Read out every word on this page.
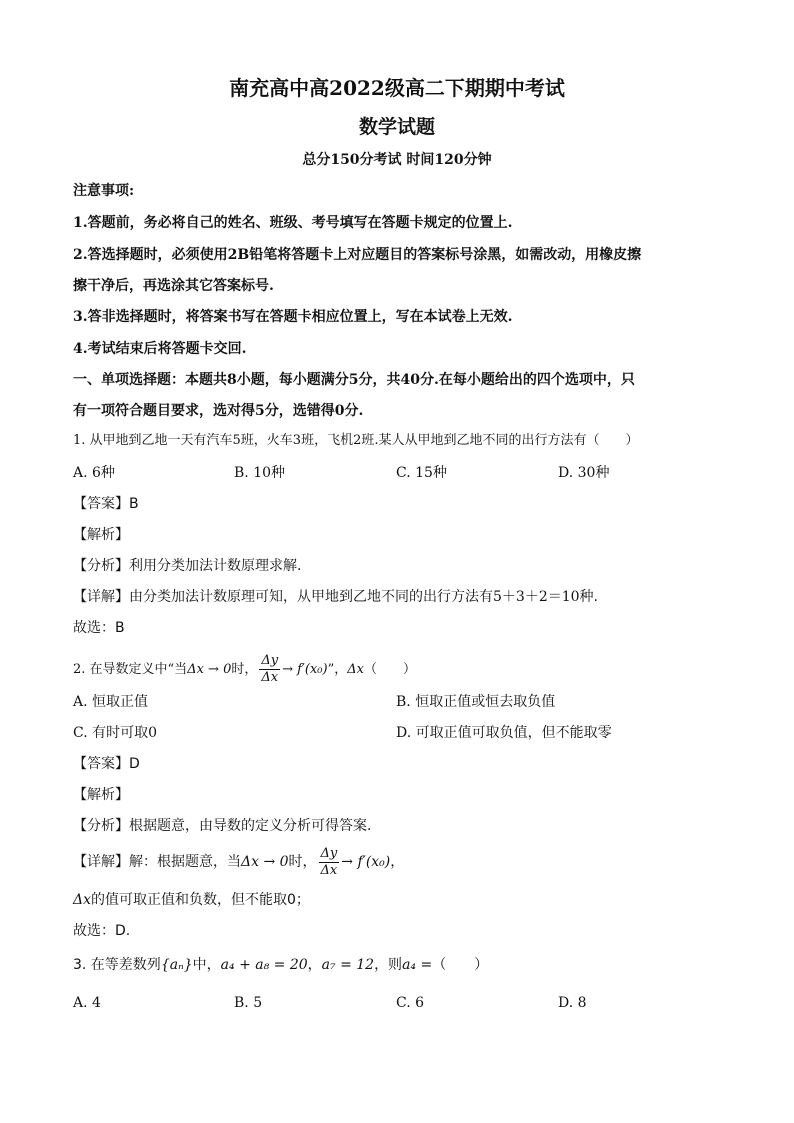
南充高中高2022级高二下期期中考试
数学试题
总分150分考试 时间120分钟
注意事项:
1.答题前，务必将自己的姓名、班级、考号填写在答题卡规定的位置上.
2.答选择题时，必须使用2B铅笔将答题卡上对应题目的答案标号涂黑，如需改动，用橡皮擦
擦干净后，再选涂其它答案标号.
3.答非选择题时，将答案书写在答题卡相应位置上，写在本试卷上无效.
4.考试结束后将答题卡交回.
一、单项选择题：本题共8小题，每小题满分5分，共40分.在每小题给出的四个选项中，只
有一项符合题目要求，选对得5分，选错得0分.
1. 从甲地到乙地一天有汽车5班，火车3班，飞机2班.某人从甲地到乙地不同的出行方法有（　　）
A. 6种	B. 10种	C. 15种	D. 30种
【答案】B
【解析】
【分析】利用分类加法计数原理求解.
【详解】由分类加法计数原理可知，从甲地到乙地不同的出行方法有5＋3＋2＝10种.
故选：B
2. 在导数定义中“当Δx → 0时， $\frac{\Delta y}{\Delta x} \to f'(x_0)$”，Δx（　　）
A. 恒取正值	B. 恒取正值或恒去取负值
C. 有时可取0	D. 可取正值可取负值，但不能取零
【答案】D
【解析】
【分析】根据题意，由导数的定义分析可得答案.
【详解】解：根据题意，当Δx → 0时， $\frac{\Delta y}{\Delta x} \to f'(x_0)$，
Δx的值可取正值和负数，但不能取0；
故选：D.
3. 在等差数列{aₙ}中，a₄ + a₈ = 20，a₇ = 12，则a₄ =（　　）
A. 4	B. 5	C. 6	D. 8
